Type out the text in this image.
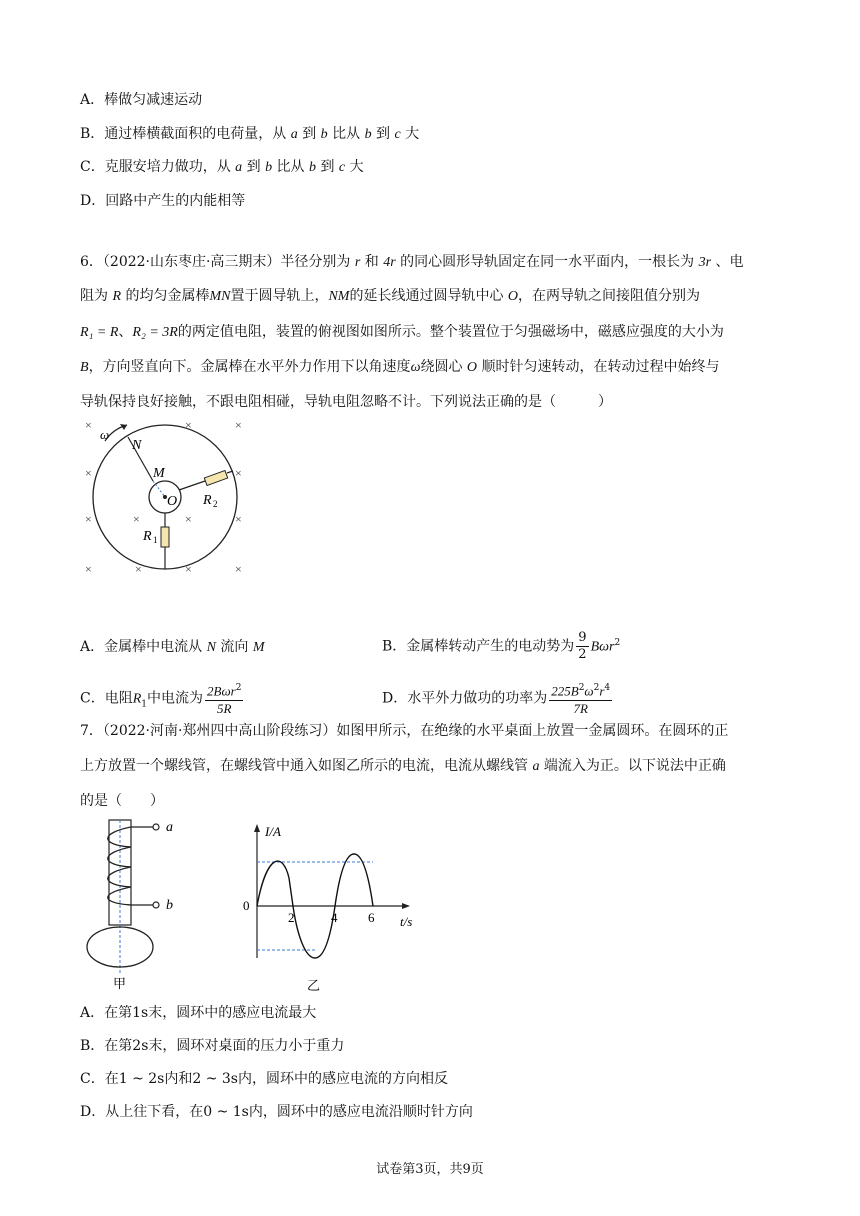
A．棒做匀减速运动
B．通过棒横截面积的电荷量，从 a 到 b 比从 b 到 c 大
C．克服安培力做功，从 a 到 b 比从 b 到 c 大
D．回路中产生的内能相等
6．（2022·山东枣庄·高三期末）半径分别为 r 和 4r 的同心圆形导轨固定在同一水平面内，一根长为 3r 、电
阻为 R 的均匀金属棒MN置于圆导轨上，NM的延长线通过圆导轨中心 O，在两导轨之间接阻值分别为
R₁ = R、R₂ = 3R的两定值电阻，装置的俯视图如图所示。整个装置位于匀强磁场中，磁感应强度的大小为
B，方向竖直向下。金属棒在水平外力作用下以角速度ω绕圆心 O 顺时针匀速转动，在转动过程中始终与
导轨保持良好接触，不跟电阻相碰，导轨电阻忽略不计。下列说法正确的是（　　　）
×	×	×
×	×
×	×	×	×
×	×	×	×
ω
N
M
O R 2
R 1
A．金属棒中电流从 N 流向 M	B．金属棒转动产生的电动势为 $\frac{9}{2} B\omega r^2$
C．电阻$R_1$中电流为 $\frac{2B\omega r^2}{5R}$	D．水平外力做功的功率为 $\frac{225B^2\omega^2r^4}{7R}$
7．（2022·河南·郑州四中高山阶段练习）如图甲所示，在绝缘的水平桌面上放置一金属圆环。在圆环的正
上方放置一个螺线管，在螺线管中通入如图乙所示的电流，电流从螺线管 a 端流入为正。以下说法中正确
的是（　　）
a
b
甲
I/A
t/s
0
2	4 6
乙
A．在第1s末，圆环中的感应电流最大
B．在第2s末，圆环对桌面的压力小于重力
C．在1 ~ 2s内和2 ~ 3s内，圆环中的感应电流的方向相反
D．从上往下看，在0 ~ 1s内，圆环中的感应电流沿顺时针方向
试卷第3页，共9页
